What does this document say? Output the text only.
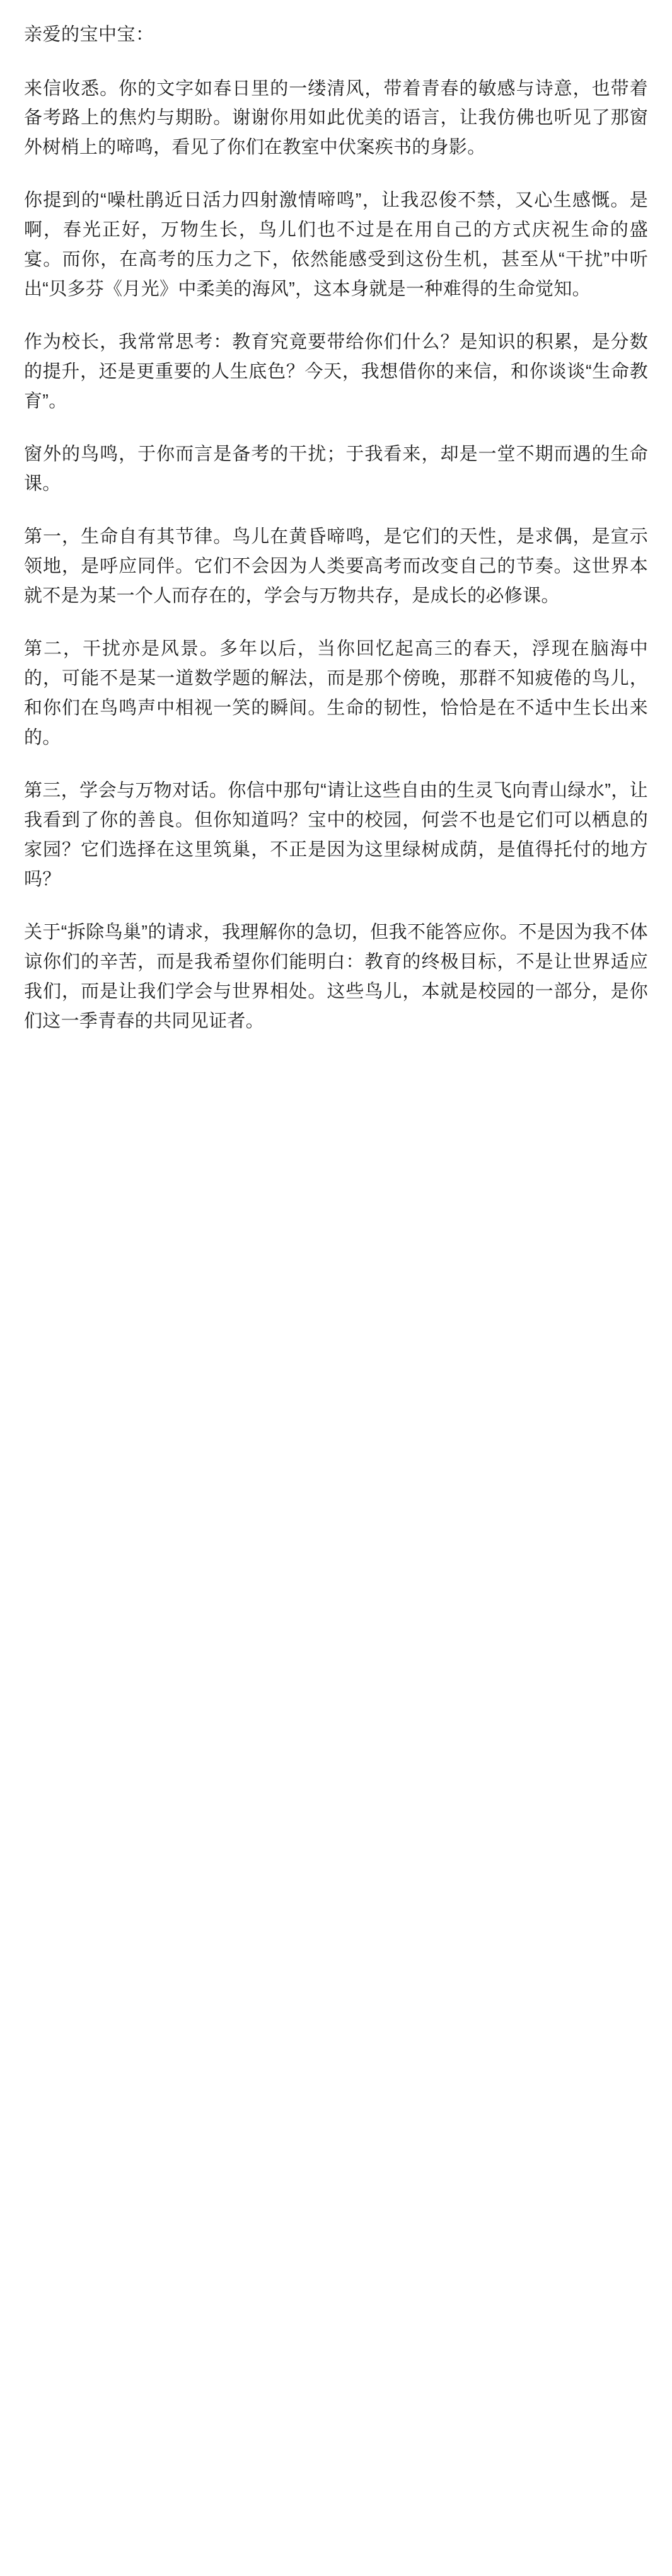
亲爱的宝中宝：

来信收悉。你的文字如春日里的一缕清风，带着青春的敏感与诗意，也带着备考路上的焦灼与期盼。谢谢你用如此优美的语言，让我仿佛也听见了那窗外树梢上的啼鸣，看见了你们在教室中伏案疾书的身影。

你提到的“噪杜鹃近日活力四射激情啼鸣”，让我忍俊不禁，又心生感慨。是啊，春光正好，万物生长，鸟儿们也不过是在用自己的方式庆祝生命的盛宴。而你，在高考的压力之下，依然能感受到这份生机，甚至从“干扰”中听出“贝多芬《月光》中柔美的海风”，这本身就是一种难得的生命觉知。

作为校长，我常常思考：教育究竟要带给你们什么？是知识的积累，是分数的提升，还是更重要的人生底色？今天，我想借你的来信，和你谈谈“生命教育”。

窗外的鸟鸣，于你而言是备考的干扰；于我看来，却是一堂不期而遇的生命课。

第一，生命自有其节律。鸟儿在黄昏啼鸣，是它们的天性，是求偶，是宣示领地，是呼应同伴。它们不会因为人类要高考而改变自己的节奏。这世界本就不是为某一个人而存在的，学会与万物共存，是成长的必修课。

第二，干扰亦是风景。多年以后，当你回忆起高三的春天，浮现在脑海中的，可能不是某一道数学题的解法，而是那个傍晚，那群不知疲倦的鸟儿，和你们在鸟鸣声中相视一笑的瞬间。生命的韧性，恰恰是在不适中生长出来的。

第三，学会与万物对话。你信中那句“请让这些自由的生灵飞向青山绿水”，让我看到了你的善良。但你知道吗？宝中的校园，何尝不也是它们可以栖息的家园？它们选择在这里筑巢，不正是因为这里绿树成荫，是值得托付的地方吗？

关于“拆除鸟巢”的请求，我理解你的急切，但我不能答应你。不是因为我不体谅你们的辛苦，而是我希望你们能明白：教育的终极目标，不是让世界适应我们，而是让我们学会与世界相处。这些鸟儿，本就是校园的一部分，是你们这一季青春的共同见证者。
